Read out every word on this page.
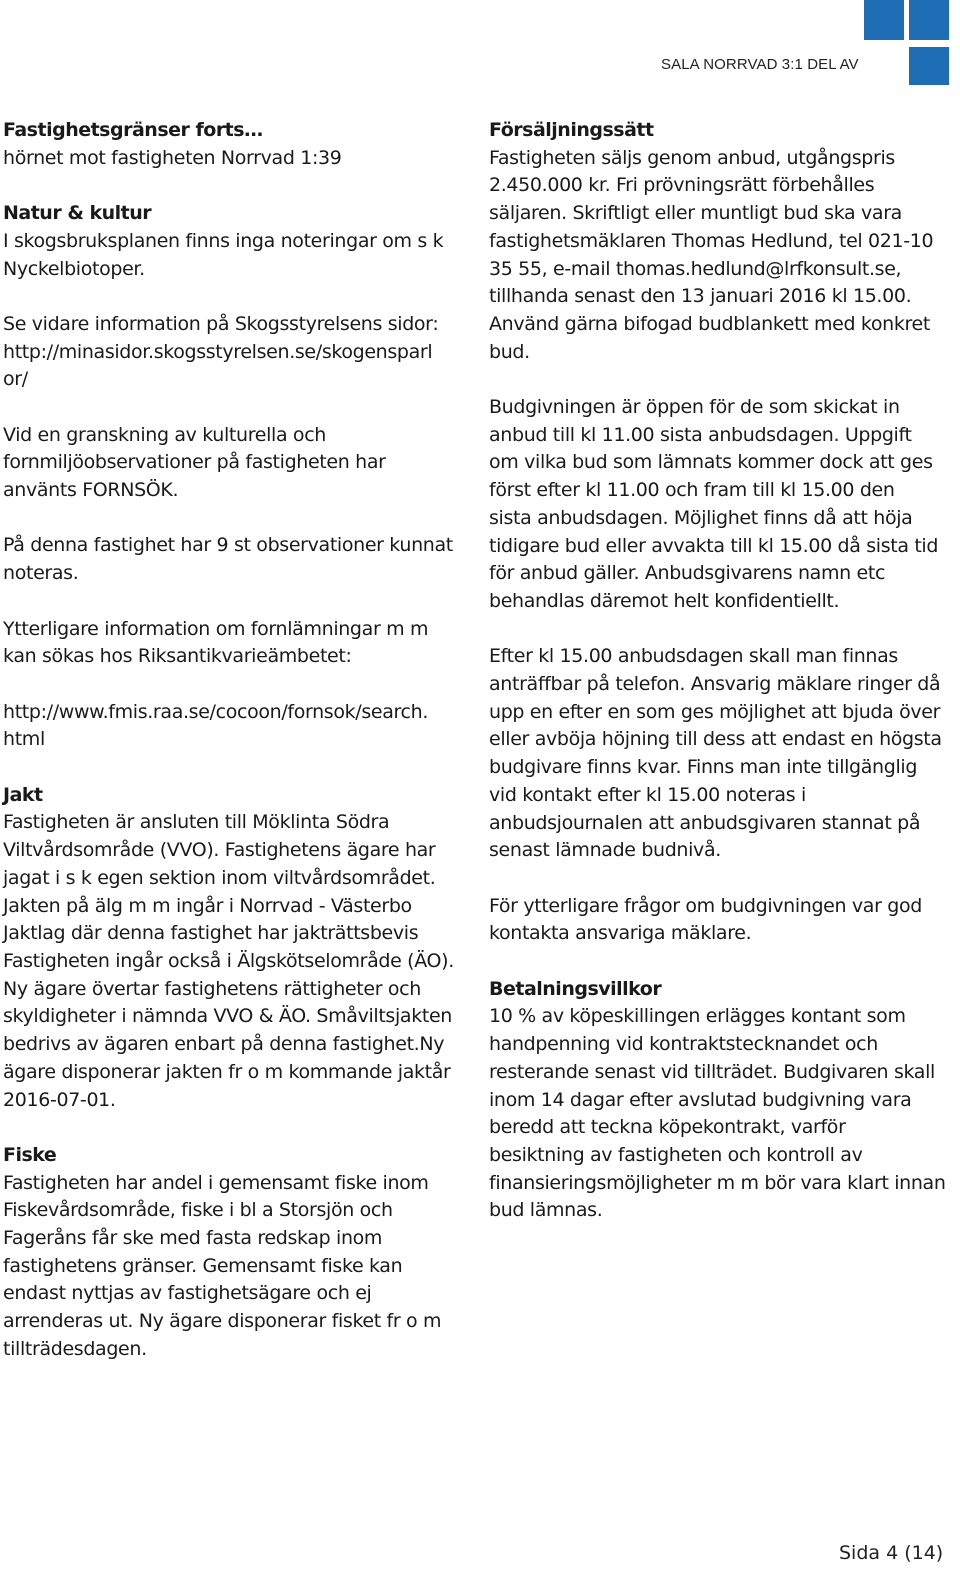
SALA NORRVAD 3:1 DEL AV
Fastighetsgränser forts…

hörnet mot fastigheten Norrvad 1:39

Natur & kultur

I skogsbruksplanen finns inga noteringar om s k
Nyckelbiotoper.

Se vidare information på Skogsstyrelsens sidor:
http://minasidor.skogsstyrelsen.se/skogensparl
or/

Vid en granskning av kulturella och
fornmiljöobservationer på fastigheten har
använts FORNSÖK.

På denna fastighet har 9 st observationer kunnat
noteras.

Ytterligare information om fornlämningar m m
kan sökas hos Riksantikvarieämbetet:

http://www.fmis.raa.se/cocoon/fornsok/search.
html

Jakt

Fastigheten är ansluten till Möklinta Södra
Viltvårdsområde (VVO). Fastighetens ägare har
jagat i s k egen sektion inom viltvårdsområdet.
Jakten på älg m m ingår i Norrvad - Västerbo
Jaktlag där denna fastighet har jakträttsbevis
Fastigheten ingår också i Älgskötselområde (ÄO).
Ny ägare övertar fastighetens rättigheter och
skyldigheter i nämnda VVO & ÄO. Småviltsjakten
bedrivs av ägaren enbart på denna fastighet.Ny
ägare disponerar jakten fr o m kommande jaktår
2016-07-01.

Fiske

Fastigheten har andel i gemensamt fiske inom
Fiskevårdsområde, fiske i bl a Storsjön och
Fageråns får ske med fasta redskap inom
fastighetens gränser. Gemensamt fiske kan
endast nyttjas av fastighetsägare och ej
arrenderas ut. Ny ägare disponerar fisket fr o m
tillträdesdagen.

Försäljningssätt

Fastigheten säljs genom anbud, utgångspris
2.450.000 kr. Fri prövningsrätt förbehålles
säljaren. Skriftligt eller muntligt bud ska vara
fastighetsmäklaren Thomas Hedlund, tel 021-10
35 55, e-mail thomas.hedlund@lrfkonsult.se,
tillhanda senast den 13 januari 2016 kl 15.00.
Använd gärna bifogad budblankett med konkret
bud.

Budgivningen är öppen för de som skickat in
anbud till kl 11.00 sista anbudsdagen. Uppgift
om vilka bud som lämnats kommer dock att ges
först efter kl 11.00 och fram till kl 15.00 den
sista anbudsdagen. Möjlighet finns då att höja
tidigare bud eller avvakta till kl 15.00 då sista tid
för anbud gäller. Anbudsgivarens namn etc
behandlas däremot helt konfidentiellt.

Efter kl 15.00 anbudsdagen skall man finnas
anträffbar på telefon. Ansvarig mäklare ringer då
upp en efter en som ges möjlighet att bjuda över
eller avböja höjning till dess att endast en högsta
budgivare finns kvar. Finns man inte tillgänglig
vid kontakt efter kl 15.00 noteras i
anbudsjournalen att anbudsgivaren stannat på
senast lämnade budnivå.

För ytterligare frågor om budgivningen var god
kontakta ansvariga mäklare.

Betalningsvillkor

10 % av köpeskillingen erlägges kontant som
handpenning vid kontraktstecknandet och
resterande senast vid tillträdet. Budgivaren skall
inom 14 dagar efter avslutad budgivning vara
beredd att teckna köpekontrakt, varför
besiktning av fastigheten och kontroll av
finansieringsmöjligheter m m bör vara klart innan
bud lämnas.

Sida 4 (14)
